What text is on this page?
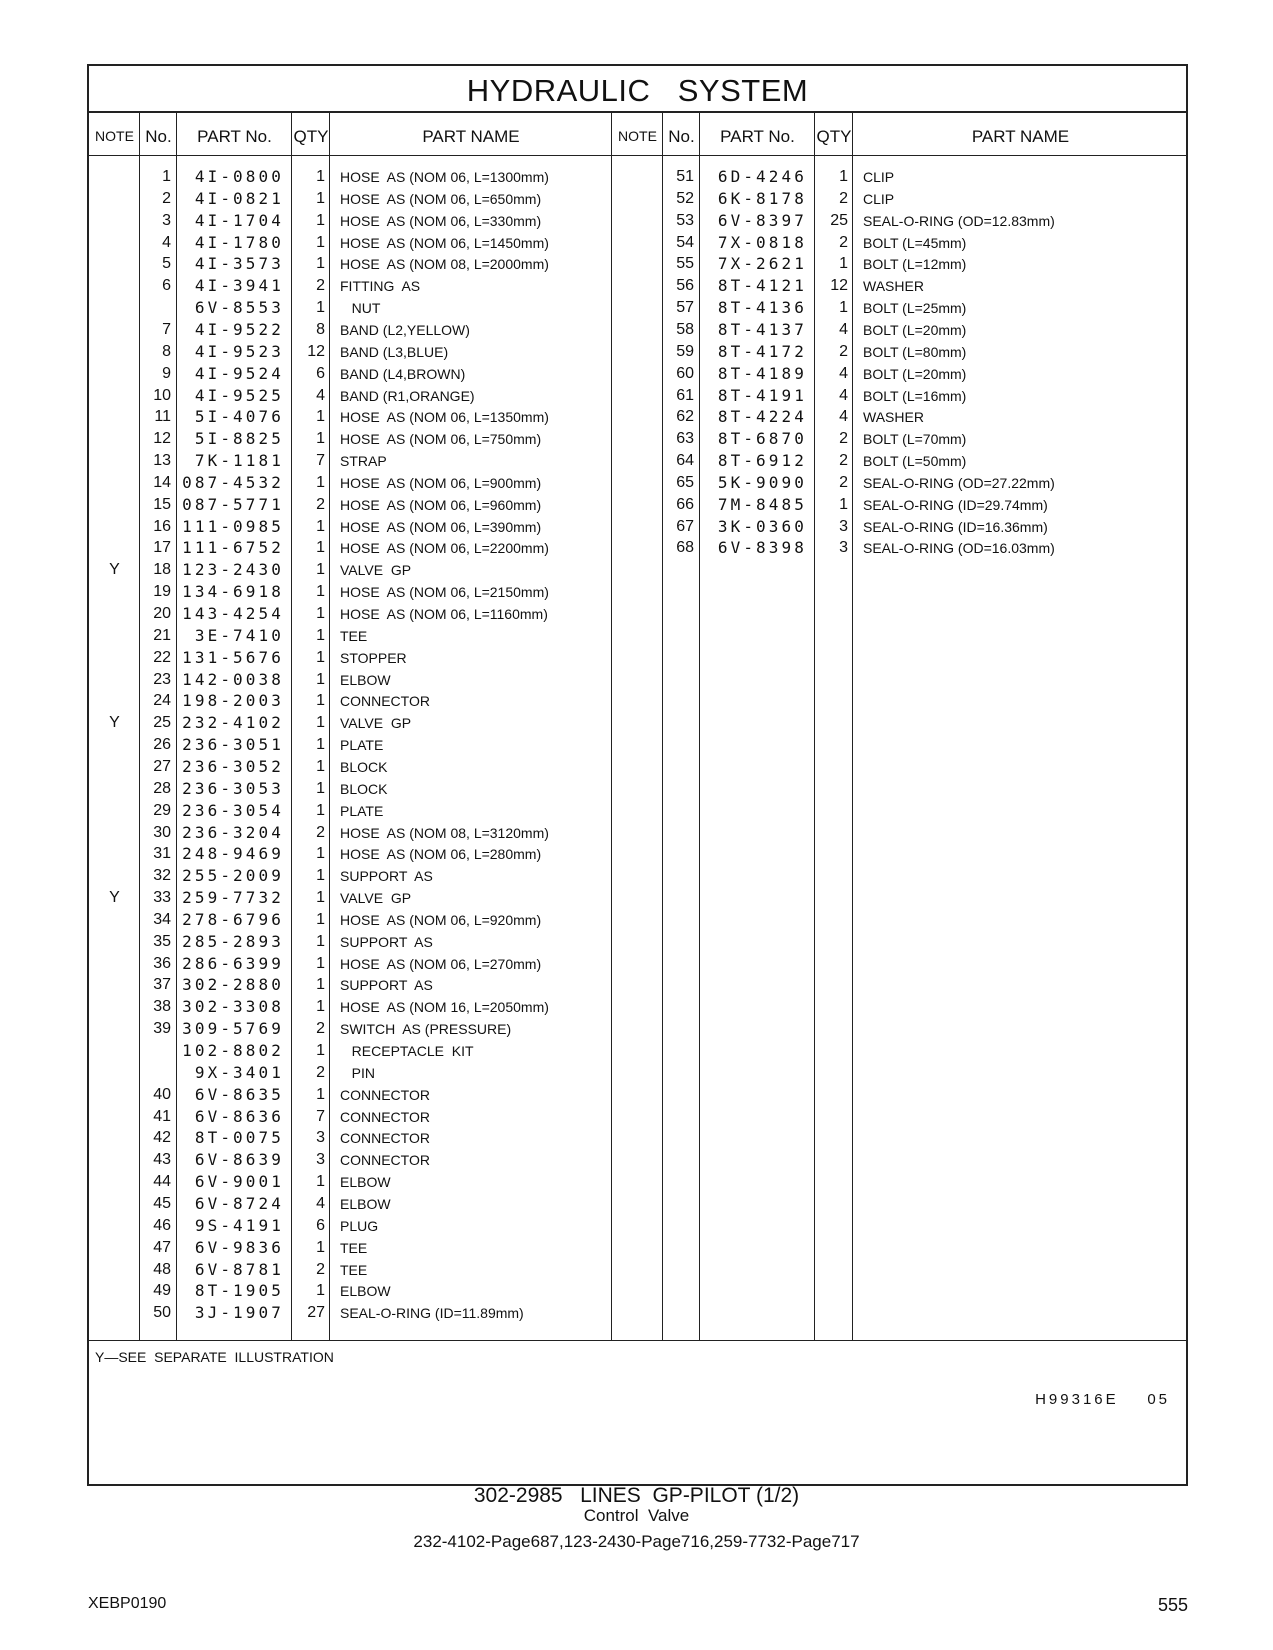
HYDRAULIC   SYSTEM
NOTE No.	PART No.	QTY	PART NAME	NOTE No.	PART No.	QTY	PART NAME
1	4I-0800	1 HOSE  AS (NOM 06, L=1300mm)
2	4I-0821	1 HOSE  AS (NOM 06, L=650mm)
3	4I-1704	1 HOSE  AS (NOM 06, L=330mm)
4	4I-1780	1 HOSE  AS (NOM 06, L=1450mm)
5	4I-3573	1 HOSE  AS (NOM 08, L=2000mm)
6	4I-3941	2 FITTING  AS
6V-8553	1 NUT
7	4I-9522	8 BAND (L2,YELLOW)
8	4I-9523	12 BAND (L3,BLUE)
9	4I-9524	6 BAND (L4,BROWN)
10	4I-9525	4 BAND (R1,ORANGE)
11	5I-4076	1 HOSE  AS (NOM 06, L=1350mm)
12	5I-8825	1 HOSE  AS (NOM 06, L=750mm)
13	7K-1181	7 STRAP
14 087-4532	1 HOSE  AS (NOM 06, L=900mm)
15 087-5771	2 HOSE  AS (NOM 06, L=960mm)
16 111-0985	1 HOSE  AS (NOM 06, L=390mm)
17 111-6752	1 HOSE  AS (NOM 06, L=2200mm)
Y	18 123-2430	1 VALVE  GP
19 134-6918	1 HOSE  AS (NOM 06, L=2150mm)
20 143-4254	1 HOSE  AS (NOM 06, L=1160mm)
21	3E-7410	1 TEE
22 131-5676	1 STOPPER
23 142-0038	1 ELBOW
24 198-2003	1 CONNECTOR
Y	25 232-4102	1 VALVE  GP
26 236-3051	1 PLATE
27 236-3052	1 BLOCK
28 236-3053	1 BLOCK
29 236-3054	1 PLATE
30 236-3204	2 HOSE  AS (NOM 08, L=3120mm)
31 248-9469	1 HOSE  AS (NOM 06, L=280mm)
32 255-2009	1 SUPPORT  AS
Y	33 259-7732	1 VALVE  GP
34 278-6796	1 HOSE  AS (NOM 06, L=920mm)
35 285-2893	1 SUPPORT  AS
36 286-6399	1 HOSE  AS (NOM 06, L=270mm)
37 302-2880	1 SUPPORT  AS
38 302-3308	1 HOSE  AS (NOM 16, L=2050mm)
39 309-5769	2 SWITCH  AS (PRESSURE)
102-8802	1 RECEPTACLE  KIT
9X-3401	2 PIN
40	6V-8635	1 CONNECTOR
41	6V-8636	7 CONNECTOR
42	8T-0075	3 CONNECTOR
43	6V-8639	3 CONNECTOR
44	6V-9001	1 ELBOW
45	6V-8724	4 ELBOW
46	9S-4191	6 PLUG
47	6V-9836	1 TEE
48	6V-8781	2 TEE
49	8T-1905	1 ELBOW
50	3J-1907	27 SEAL-O-RING (ID=11.89mm)
51	6D-4246	1 CLIP
52	6K-8178	2 CLIP
53	6V-8397	25 SEAL-O-RING (OD=12.83mm)
54	7X-0818	2 BOLT (L=45mm)
55	7X-2621	1 BOLT (L=12mm)
56	8T-4121	12 WASHER
57	8T-4136	1 BOLT (L=25mm)
58	8T-4137	4 BOLT (L=20mm)
59	8T-4172	2 BOLT (L=80mm)
60	8T-4189	4 BOLT (L=20mm)
61	8T-4191	4 BOLT (L=16mm)
62	8T-4224	4 WASHER
63	8T-6870	2 BOLT (L=70mm)
64	8T-6912	2 BOLT (L=50mm)
65	5K-9090	2 SEAL-O-RING (OD=27.22mm)
66	7M-8485	1 SEAL-O-RING (ID=29.74mm)
67	3K-0360	3 SEAL-O-RING (ID=16.36mm)
68	6V-8398	3 SEAL-O-RING (OD=16.03mm)
Y—SEE  SEPARATE  ILLUSTRATION
H99316E    05
302-2985   LINES  GP-PILOT (1/2)
Control  Valve
232-4102-Page687,123-2430-Page716,259-7732-Page717
XEBP0190	555
